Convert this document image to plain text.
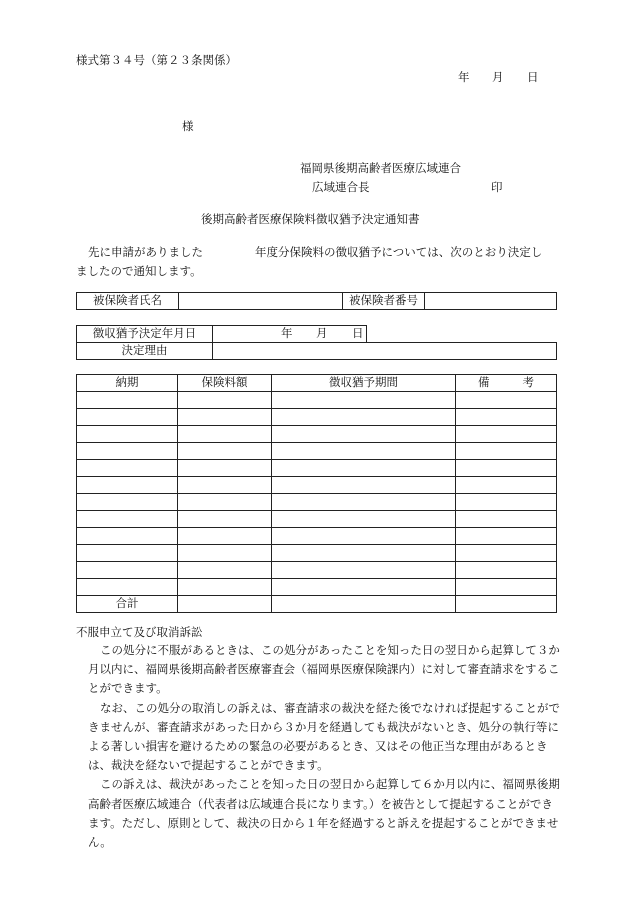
様式第３４号（第２３条関係）
年 月 日
様
福岡県後期高齢者医療広域連合
広域連合長	印
後期高齢者医療保険料徴収猶予決定通知書
先に申請がありました	年度分保険料の徴収猶予については、次のとおり決定し
ましたので通知します。
被保険者氏名		被保険者番号	
徴収猶予決定年月日	年 月 日	

決定理由		
納期	保険料額	徴収猶予期間	備 考

合計			
不服申立て及び取消訴訟

この処分に不服があるときは、この処分があったことを知った日の翌日から起算して３か月以内に、福岡県後期高齢者医療審査会（福岡県医療保険課内）に対して審査請求をすることができます。

なお、この処分の取消しの訴えは、審査請求の裁決を経た後でなければ提起することができませんが、審査請求があった日から３か月を経過しても裁決がないとき、処分の執行等による著しい損害を避けるための緊急の必要があるとき、又はその他正当な理由があるときは、裁決を経ないで提起することができます。

この訴えは、裁決があったことを知った日の翌日から起算して６か月以内に、福岡県後期高齢者医療広域連合（代表者は広域連合長になります。）を被告として提起することができます。ただし、原則として、裁決の日から１年を経過すると訴えを提起することができません。
